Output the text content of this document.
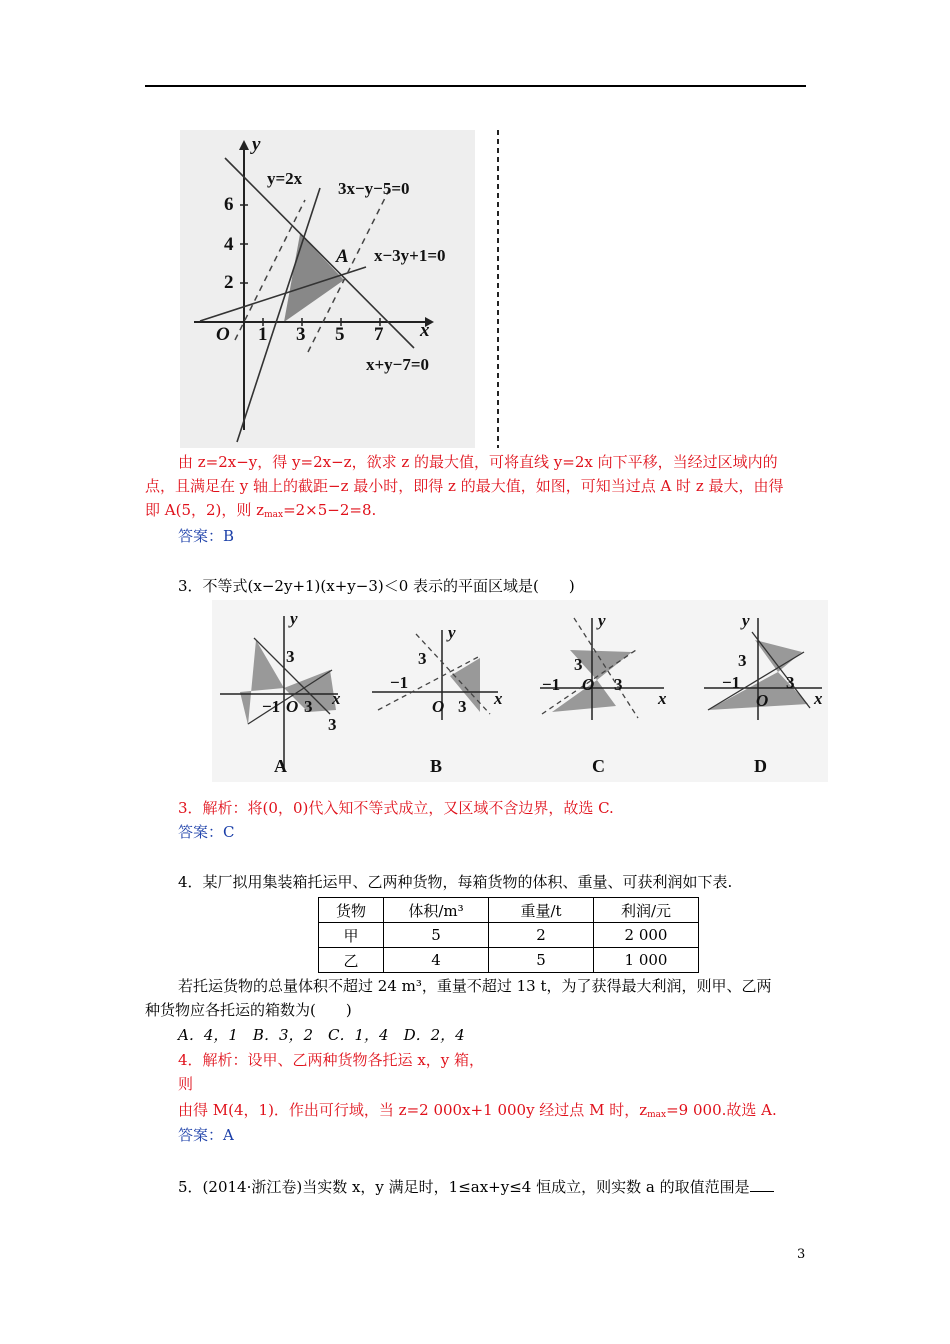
y
x
O 1 3 5 7
2
4
6
A
y=2x
3x−y−5=0
x−3y+1=0
x+y−7=0
由 z=2x−y，得 y=2x−z，欲求 z 的最大值，可将直线 y=2x 向下平移，当经过区域内的
点，且满足在 y 轴上的截距−z 最小时，即得 z 的最大值，如图，可知当过点 A 时 z 最大，由得
即 A(5，2)，则 $z_{max}=2\times 5-2=8$.
答案：B
3．不等式(x−2y+1)(x+y−3)＜0 表示的平面区域是(　　)
y
x
3
−1 O 3
3
A
y
x
3
−1
O 3
B
y
x
3
−1 O 3
C
y
x
3
−1
O
3
D
3．解析：将(0，0)代入知不等式成立，又区域不含边界，故选 C.
答案：C
4．某厂拟用集装箱托运甲、乙两种货物，每箱货物的体积、重量、可获利润如下表.
货物	体积/m³	重量/t	利润/元
甲	5	2	2 000
乙	4	5	1 000
若托运货物的总量体积不超过 24 m³，重量不超过 13 t，为了获得最大利润，则甲、乙两
种货物应各托运的箱数为(　　)
A．4，1　B．3，2　C．1，4　D．2，4
4．解析：设甲、乙两种货物各托运 x，y 箱，
则
由得 M(4，1)．作出可行域，当 z=2 000x+1 000y 经过点 M 时，$z_{max}=9$ 000.故选 A.
答案：A
5．(2014·浙江卷)当实数 x，y 满足时，1≤ax+y≤4 恒成立，则实数 a 的取值范围是
3
